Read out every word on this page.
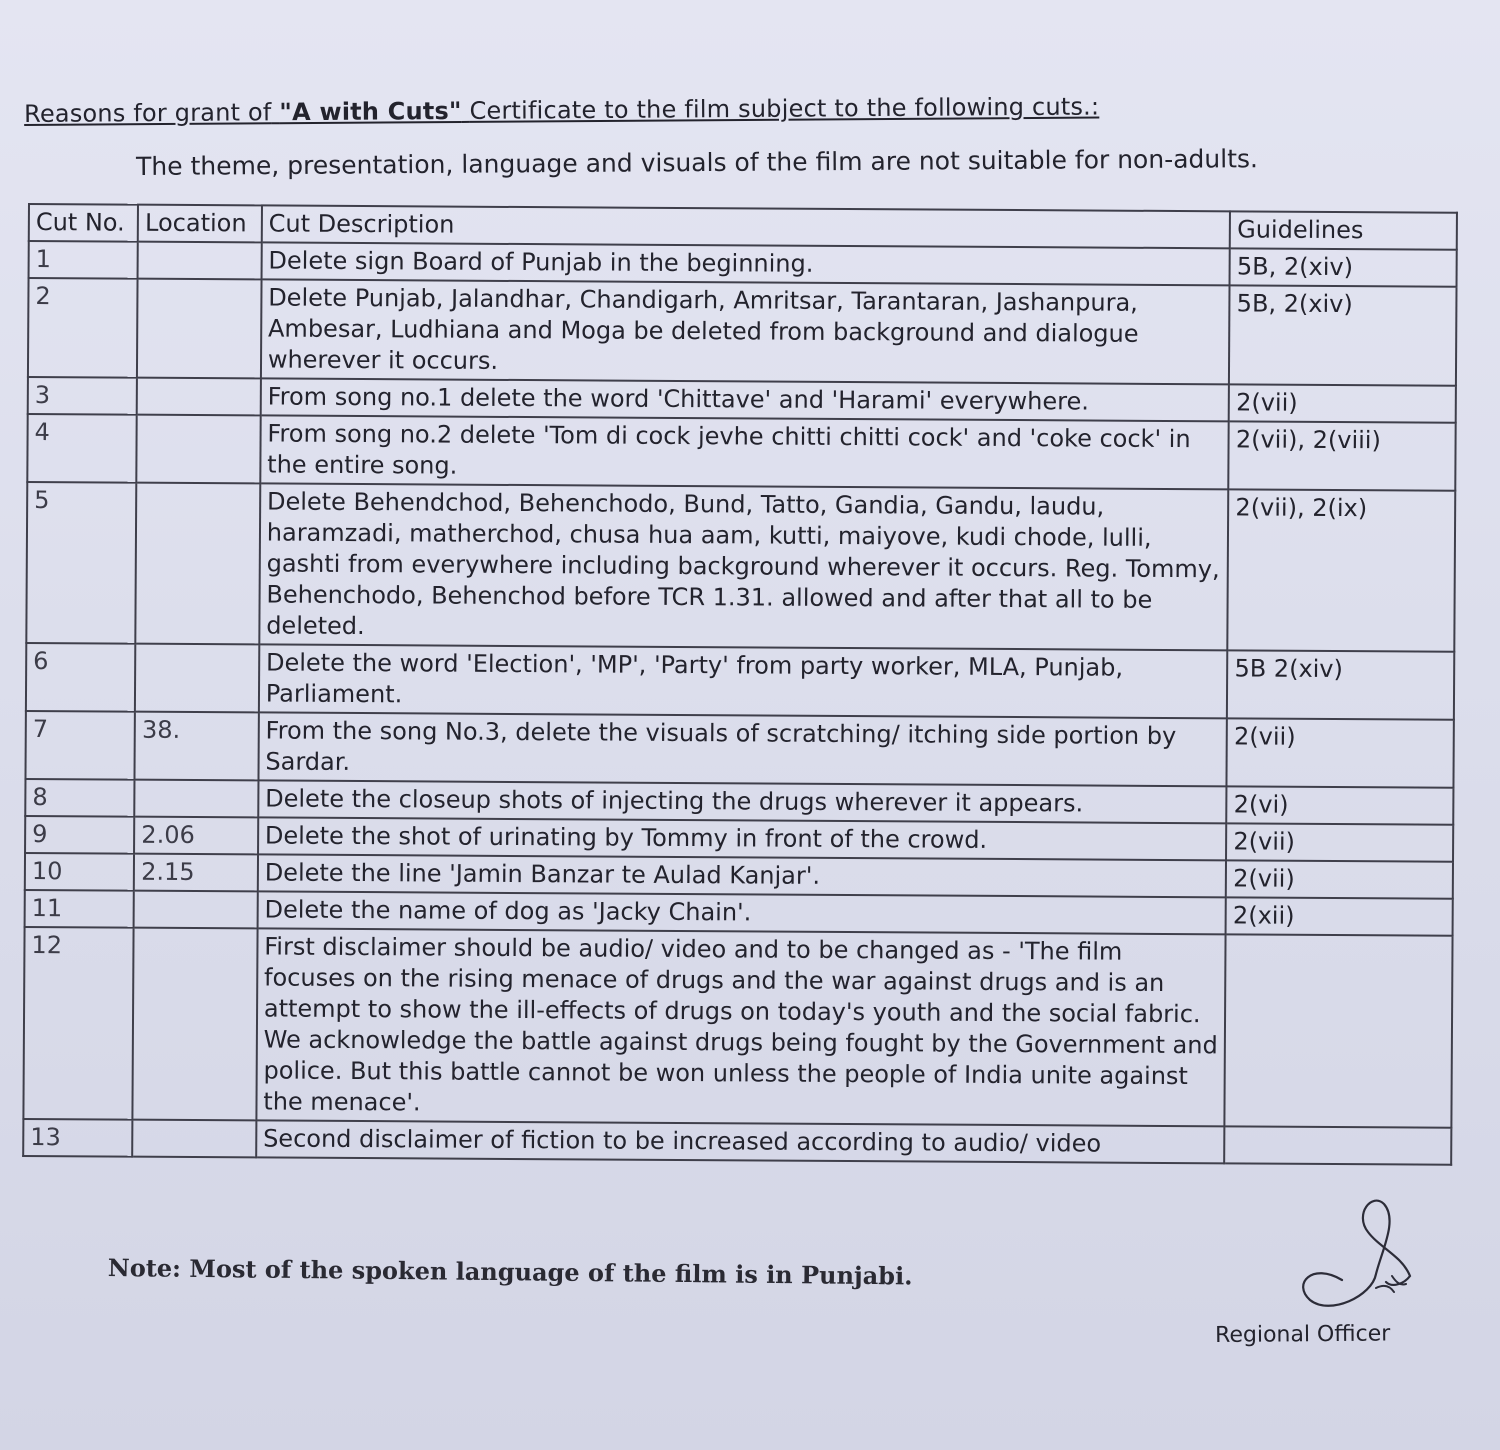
Reasons for grant of "A with Cuts" Certificate to the film subject to the following cuts.:
The theme, presentation, language and visuals of the film are not suitable for non-adults.
Cut No.	Location	Cut Description	Guidelines
1		Delete sign Board of Punjab in the beginning.	5B, 2(xiv)
2		Delete Punjab, Jalandhar, Chandigarh, Amritsar, Tarantaran, Jashanpura, Ambesar, Ludhiana and Moga be deleted from background and dialogue wherever it occurs.	5B, 2(xiv)
3		From song no.1 delete the word 'Chittave' and 'Harami' everywhere.	2(vii)
4		From song no.2 delete 'Tom di cock jevhe chitti chitti cock' and 'coke cock' in the entire song.	2(vii), 2(viii)
5		Delete Behendchod, Behenchodo, Bund, Tatto, Gandia, Gandu, laudu, haramzadi, matherchod, chusa hua aam, kutti, maiyove, kudi chode, lulli, gashti from everywhere including background wherever it occurs. Reg. Tommy, Behenchodo, Behenchod before TCR 1.31. allowed and after that all to be deleted.	2(vii), 2(ix)
6		Delete the word 'Election', 'MP', 'Party' from party worker, MLA, Punjab, Parliament.	5B 2(xiv)
7	38.	From the song No.3, delete the visuals of scratching/ itching side portion by Sardar.	2(vii)
8		Delete the closeup shots of injecting the drugs wherever it appears.	2(vi)
9	2.06	Delete the shot of urinating by Tommy in front of the crowd.	2(vii)
10	2.15	Delete the line 'Jamin Banzar te Aulad Kanjar'.	2(vii)
11		Delete the name of dog as 'Jacky Chain'.	2(xii)
12		First disclaimer should be audio/ video and to be changed as - 'The film focuses on the rising menace of drugs and the war against drugs and is an attempt to show the ill-effects of drugs on today's youth and the social fabric. We acknowledge the battle against drugs being fought by the Government and police. But this battle cannot be won unless the people of India unite against the menace'.	
13		Second disclaimer of fiction to be increased according to audio/ video	
Note: Most of the spoken language of the film is in Punjabi.
Regional Officer
